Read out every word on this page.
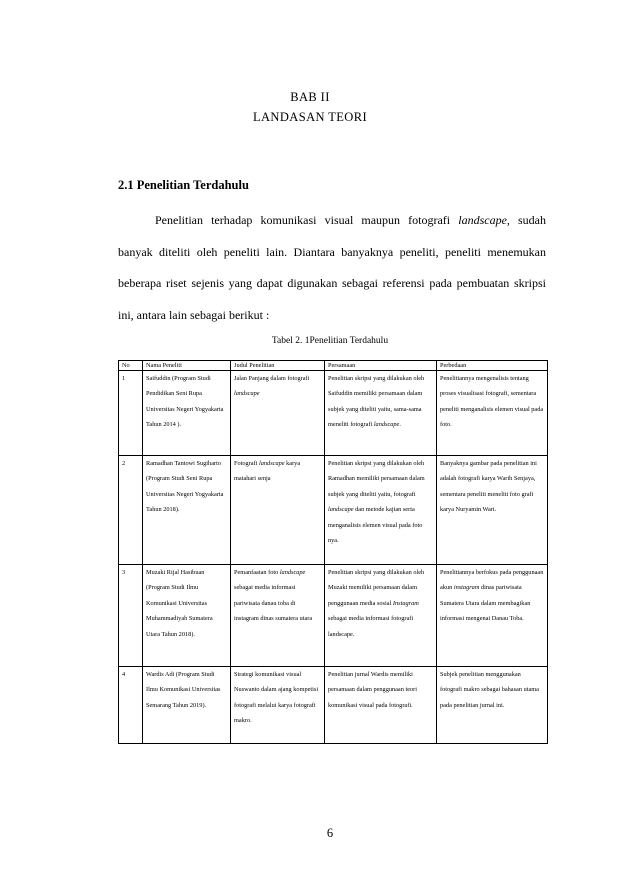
BAB II
LANDASAN TEORI
2.1 Penelitian Terdahulu

Penelitian terhadap komunikasi visual maupun fotografi landscape, sudah banyak diteliti oleh peneliti lain. Diantara banyaknya peneliti, peneliti menemukan beberapa riset sejenis yang dapat digunakan sebagai referensi pada pembuatan skripsi ini, antara lain sebagai berikut :

Tabel 2. 1Penelitian Terdahulu
No	Nama Peneliti	Judul Penelitian	Persamaan	Perbedaan
1	Saifuddin (Program Studi Pendidikan Seni Rupa Universitas Negeri Yogyakarta Tahun 2014 ).	Jalan Panjang dalam fotografi landscape	Penelitian skripsi yang dilakukan oleh Saifuddin memiliki persamaan dalam subjek yang diteliti yaitu, sama-sama meneliti fotografi landscape.	Penelitiannya mengenalisis tentang proses visualisasi fotografi, sementara peneliti menganalisis elemen visual pada foto.
2	Ramadhan Tantowi Sugiharto (Program Studi Seni Rupa Universitas Negeri Yogyakarta Tahun 2018).	Fotografi landscape karya matahari senja	Penelitian skripsi yang dilakukan oleh Ramadhan memiliki persamaan dalam subjek yang diteliti yaitu, fotografi landscape dan metode kajian serta menganalisis elemen visual pada foto nya.	Banyaknya gambar pada penelitian ini adalah fotografi karya Warih Senjaya, sementara peneliti meneliti foto grafi karya Nuryamin Wari.
3	Muzaki Rijal Hasibuan (Program Studi Ilmu Komunikasi Universitas Muhammadiyah Sumatera Utara Tahun 2018).	Pemanfaatan foto landscape sebagai media informasi pariwisata danau toba di instagram dinas sumatera utara	Penelitian skripsi yang dilakukan oleh Muzaki memiliki persamaan dalam penggunaan media sosial Instagram sebagai media informasi fotografi landscape.	Penelitiannya berfokus pada penggunaan akun instagram dinas pariwisata Sumatera Utara dalam membagikan informasi mengenai Danau Toba.
4	Wardis Adi (Program Studi Ilmu Komunikasi Universitas Semarang Tahun 2019).	Strategi komunikasi visual Nuswanto dalam ajang kompetisi fotografi melalui karya fotografi makro.	Penelitian jurnal Wardis memiliki persamaan dalam penggunaan teori komunikasi visual pada fotografi.	Subjek penelitian menggunakan fotografi makro sebagai bahasan utama pada penelitian jurnal ini.
6
